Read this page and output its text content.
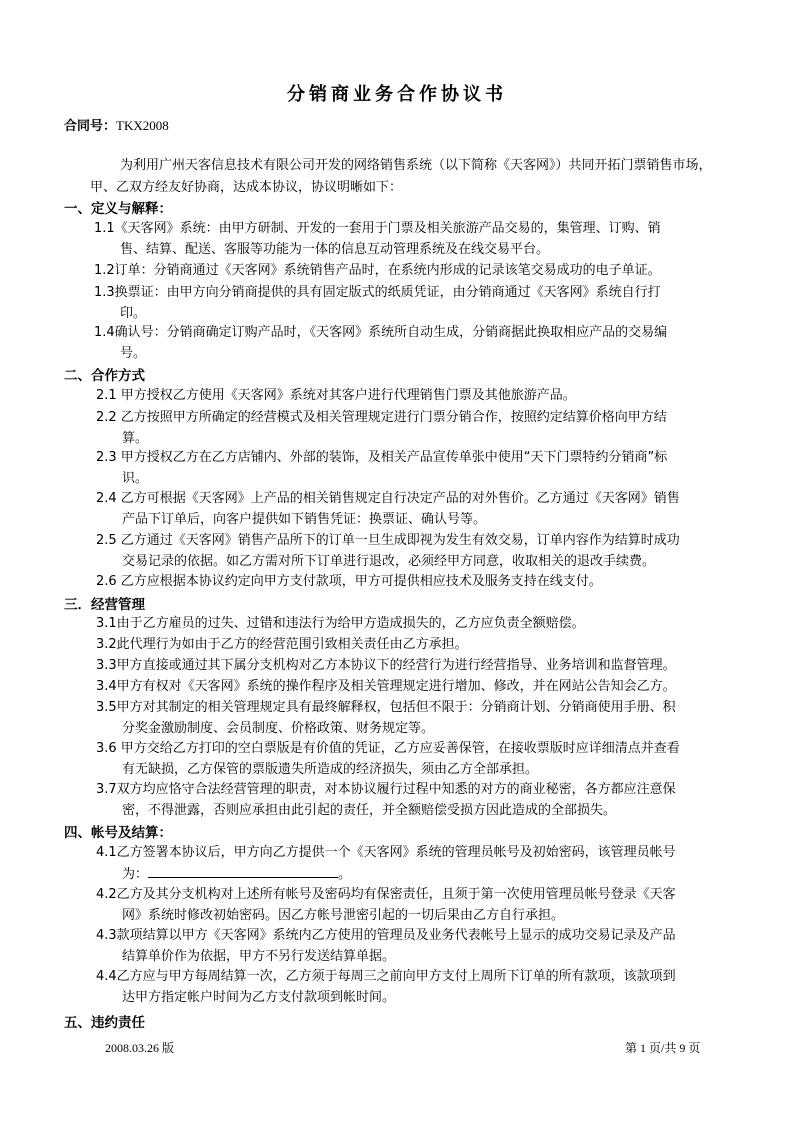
分销商业务合作协议书
合同号：TKX2008
为利用广州天客信息技术有限公司开发的网络销售系统（以下简称《天客网》）共同开拓门票销售市场，甲、乙双方经友好协商，达成本协议，协议明晰如下：
一、定义与解释：
1.1《天客网》系统：由甲方研制、开发的一套用于门票及相关旅游产品交易的，集管理、订购、销
售、结算、配送、客服等功能为一体的信息互动管理系统及在线交易平台。
1.2订单：分销商通过《天客网》系统销售产品时，在系统内形成的记录该笔交易成功的电子单证。
1.3换票证：由甲方向分销商提供的具有固定版式的纸质凭证，由分销商通过《天客网》系统自行打
印。
1.4确认号：分销商确定订购产品时，《天客网》系统所自动生成，分销商据此换取相应产品的交易编
号。
二、合作方式
2.1 甲方授权乙方使用《天客网》系统对其客户进行代理销售门票及其他旅游产品。
2.2 乙方按照甲方所确定的经营模式及相关管理规定进行门票分销合作，按照约定结算价格向甲方结
算。
2.3 甲方授权乙方在乙方店铺内、外部的装饰，及相关产品宣传单张中使用“天下门票特约分销商”标
识。
2.4 乙方可根据《天客网》上产品的相关销售规定自行决定产品的对外售价。乙方通过《天客网》销售
产品下订单后，向客户提供如下销售凭证：换票证、确认号等。
2.5 乙方通过《天客网》销售产品所下的订单一旦生成即视为发生有效交易，订单内容作为结算时成功
交易记录的依据。如乙方需对所下订单进行退改，必须经甲方同意，收取相关的退改手续费。
2.6 乙方应根据本协议约定向甲方支付款项，甲方可提供相应技术及服务支持在线支付。
三．经营管理
3.1由于乙方雇员的过失、过错和违法行为给甲方造成损失的，乙方应负责全额赔偿。
3.2此代理行为如由于乙方的经营范围引致相关责任由乙方承担。
3.3甲方直接或通过其下属分支机构对乙方本协议下的经营行为进行经营指导、业务培训和监督管理。
3.4甲方有权对《天客网》系统的操作程序及相关管理规定进行增加、修改，并在网站公告知会乙方。
3.5甲方对其制定的相关管理规定具有最终解释权，包括但不限于：分销商计划、分销商使用手册、积
分奖金激励制度、会员制度、价格政策、财务规定等。
3.6 甲方交给乙方打印的空白票版是有价值的凭证，乙方应妥善保管，在接收票版时应详细清点并查看
有无缺损，乙方保管的票版遗失所造成的经济损失，须由乙方全部承担。
3.7双方均应恪守合法经营管理的职责，对本协议履行过程中知悉的对方的商业秘密，各方都应注意保
密，不得泄露，否则应承担由此引起的责任，并全额赔偿受损方因此造成的全部损失。
四、帐号及结算：
4.1乙方签署本协议后，甲方向乙方提供一个《天客网》系统的管理员帐号及初始密码，该管理员帐号
为：	。
4.2乙方及其分支机构对上述所有帐号及密码均有保密责任，且须于第一次使用管理员帐号登录《天客
网》系统时修改初始密码。因乙方帐号泄密引起的一切后果由乙方自行承担。
4.3款项结算以甲方《天客网》系统内乙方使用的管理员及业务代表帐号上显示的成功交易记录及产品
结算单价作为依据，甲方不另行发送结算单据。
4.4乙方应与甲方每周结算一次，乙方须于每周三之前向甲方支付上周所下订单的所有款项，该款项到
达甲方指定帐户时间为乙方支付款项到帐时间。
五、违约责任
2008.03.26 版	第 1 页/共 9 页
